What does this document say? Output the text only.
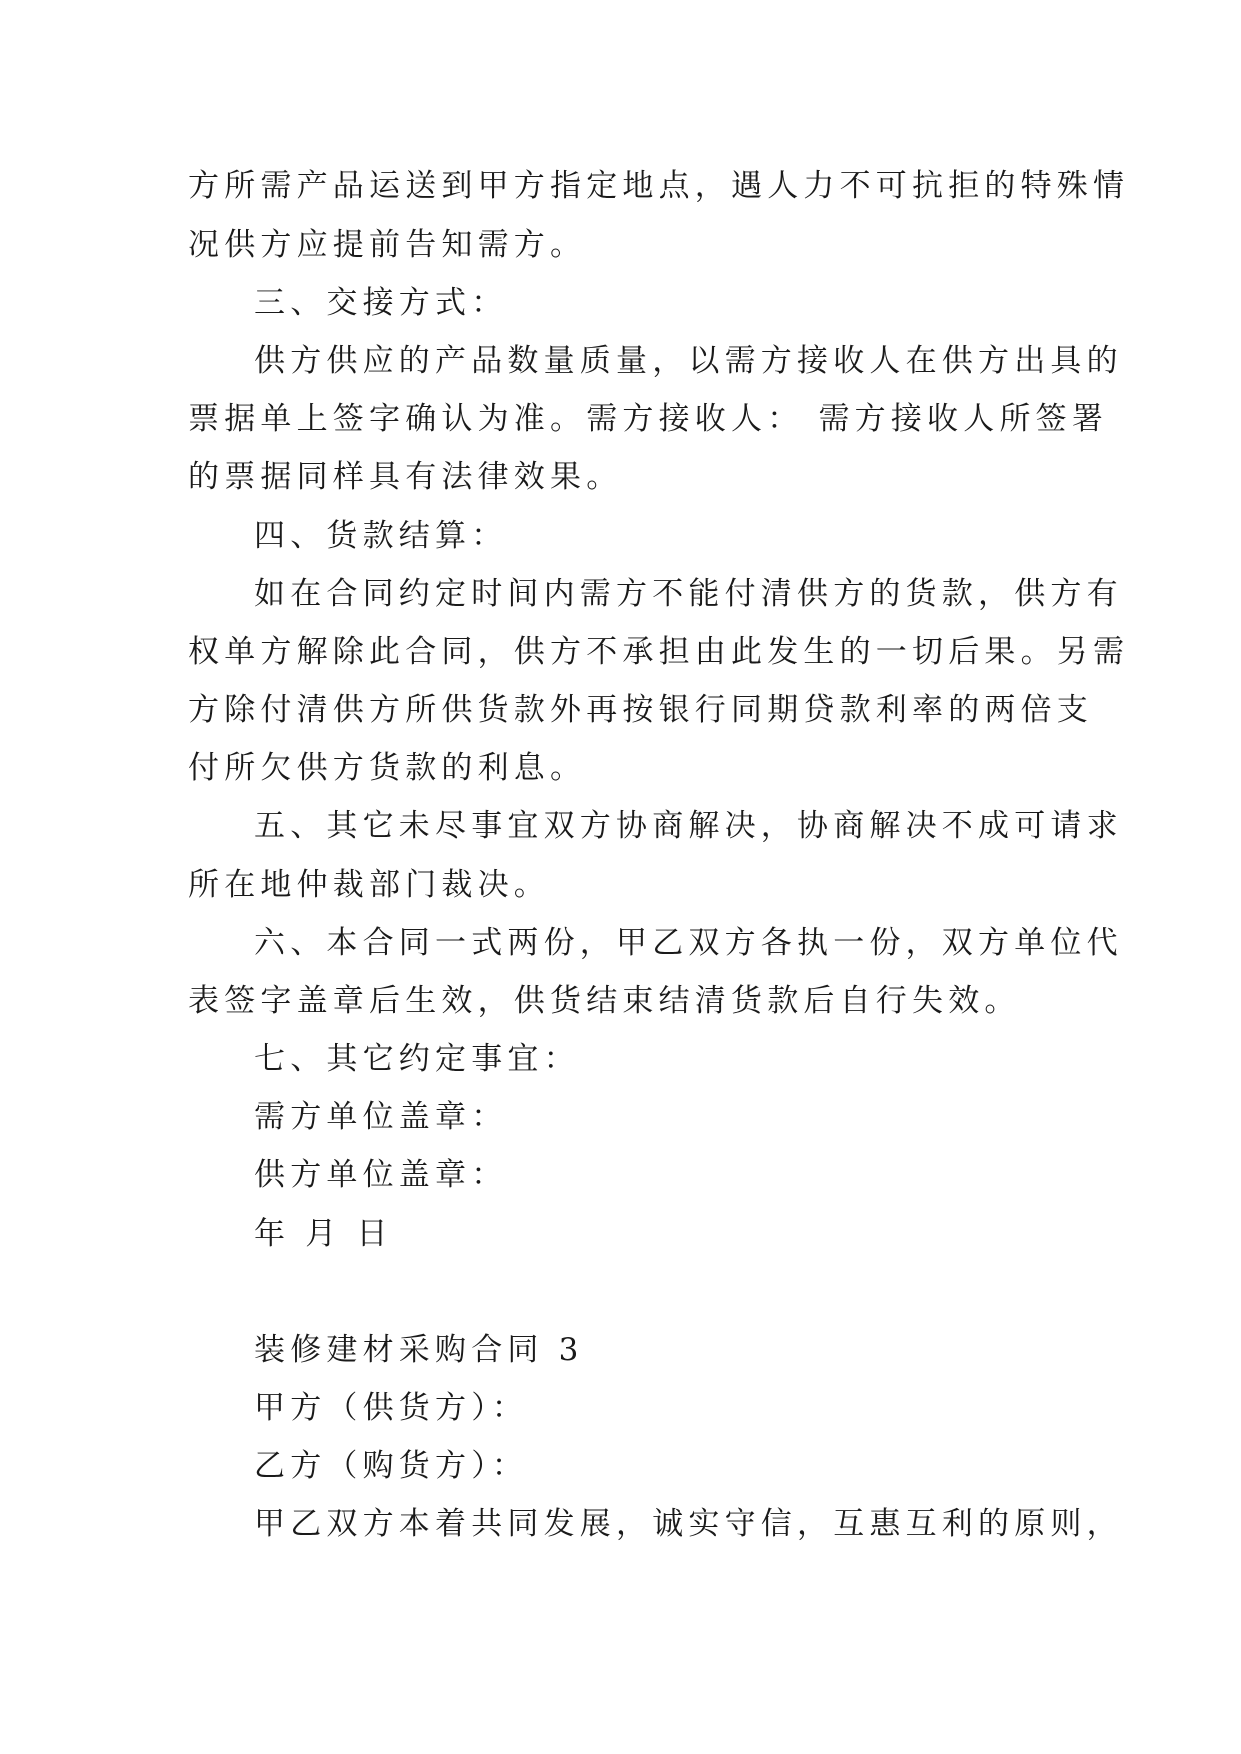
方所需产品运送到甲方指定地点，遇人力不可抗拒的特殊情
况供方应提前告知需方。
三、交接方式：
供方供应的产品数量质量，以需方接收人在供方出具的
票据单上签字确认为准。需方接收人： 需方接收人所签署
的票据同样具有法律效果。
四、货款结算：
如在合同约定时间内需方不能付清供方的货款，供方有
权单方解除此合同，供方不承担由此发生的一切后果。另需
方除付清供方所供货款外再按银行同期贷款利率的两倍支
付所欠供方货款的利息。
五、其它未尽事宜双方协商解决，协商解决不成可请求
所在地仲裁部门裁决。
六、本合同一式两份，甲乙双方各执一份，双方单位代
表签字盖章后生效，供货结束结清货款后自行失效。
七、其它约定事宜：
需方单位盖章：
供方单位盖章：
年 月 日
装修建材采购合同 3
甲方（供货方）：
乙方（购货方）：
甲乙双方本着共同发展，诚实守信，互惠互利的原则，
